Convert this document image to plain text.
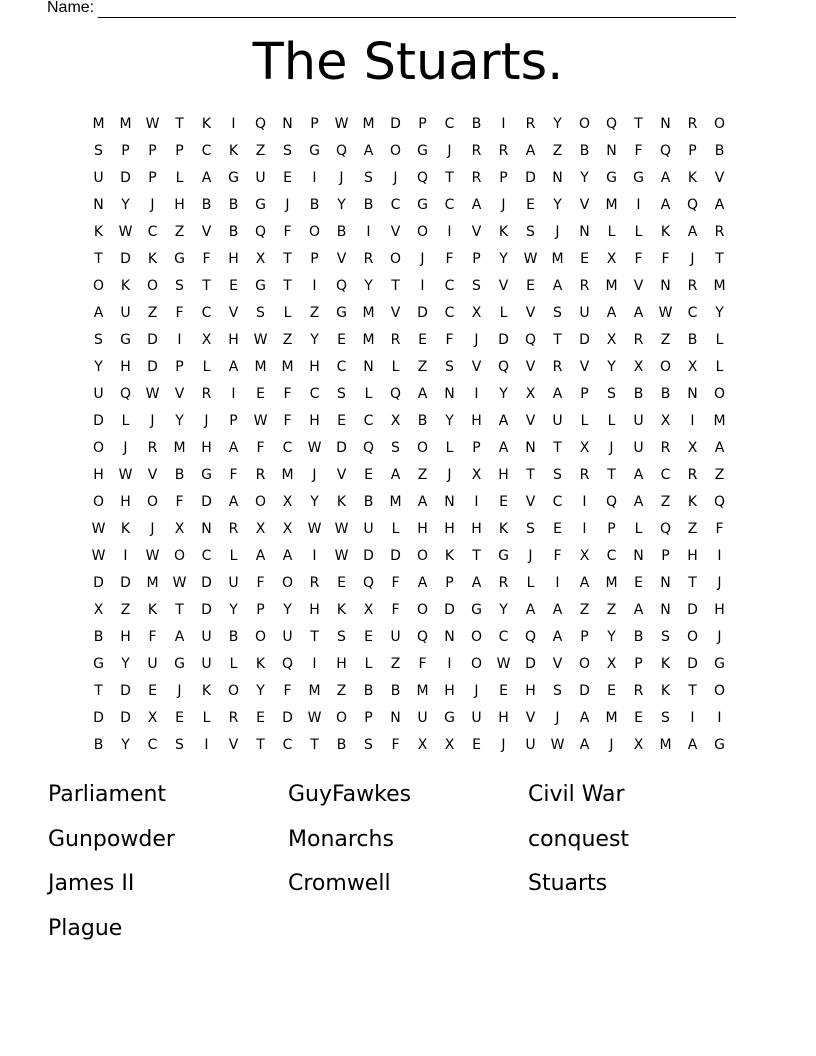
Name:
The Stuarts.
M	M	W	T	K	I	Q	N	P	W	M	D	P	C	B	I	R	Y	O	Q	T	N	R	O
S	P	P	P	C	K	Z	S	G	Q	A	O	G	J	R	R	A	Z	B	N	F	Q	P	B
U	D	P	L	A	G	U	E	I	J	S	J	Q	T	R	P	D	N	Y	G	G	A	K	V
N	Y	J	H	B	B	G	J	B	Y	B	C	G	C	A	J	E	Y	V	M	I	A	Q	A
K	W	C	Z	V	B	Q	F	O	B	I	V	O	I	V	K	S	J	N	L	L	K	A	R
T	D	K	G	F	H	X	T	P	V	R	O	J	F	P	Y	W	M	E	X	F	F	J	T
O	K	O	S	T	E	G	T	I	Q	Y	T	I	C	S	V	E	A	R	M	V	N	R	M
A	U	Z	F	C	V	S	L	Z	G	M	V	D	C	X	L	V	S	U	A	A	W	C	Y
S	G	D	I	X	H	W	Z	Y	E	M	R	E	F	J	D	Q	T	D	X	R	Z	B	L
Y	H	D	P	L	A	M	M	H	C	N	L	Z	S	V	Q	V	R	V	Y	X	O	X	L
U	Q	W	V	R	I	E	F	C	S	L	Q	A	N	I	Y	X	A	P	S	B	B	N	O
D	L	J	Y	J	P	W	F	H	E	C	X	B	Y	H	A	V	U	L	L	U	X	I	M
O	J	R	M	H	A	F	C	W	D	Q	S	O	L	P	A	N	T	X	J	U	R	X	A
H	W	V	B	G	F	R	M	J	V	E	A	Z	J	X	H	T	S	R	T	A	C	R	Z
O	H	O	F	D	A	O	X	Y	K	B	M	A	N	I	E	V	C	I	Q	A	Z	K	Q
W	K	J	X	N	R	X	X	W W	U	L	H	H	H	K	S	E	I	P	L	Q	Z	F
W	I	W	O	C	L	A	A	I	W	D	D	O	K	T	G	J	F	X	C	N	P	H	I
D	D	M	W	D	U	F	O	R	E	Q	F	A	P	A	R	L	I	A	M	E	N	T	J
X	Z	K	T	D	Y	P	Y	H	K	X	F	O	D	G	Y	A	A	Z	Z	A	N	D	H
B	H	F	A	U	B	O	U	T	S	E	U	Q	N	O	C	Q	A	P	Y	B	S	O	J
G	Y	U	G	U	L	K	Q	I	H	L	Z	F	I	O	W	D	V	O	X	P	K	D	G
T	D	E	J	K	O	Y	F	M	Z	B	B	M	H	J	E	H	S	D	E	R	K	T	O
D	D	X	E	L	R	E	D	W	O	P	N	U	G	U	H	V	J	A	M	E	S	I	I
B	Y	C	S	I	V	T	C	T	B	S	F	X	X	E	J	U	W	A	J	X	M	A	G
Parliament	GuyFawkes	Civil War
Gunpowder	Monarchs	conquest
James II	Cromwell	Stuarts
Plague
